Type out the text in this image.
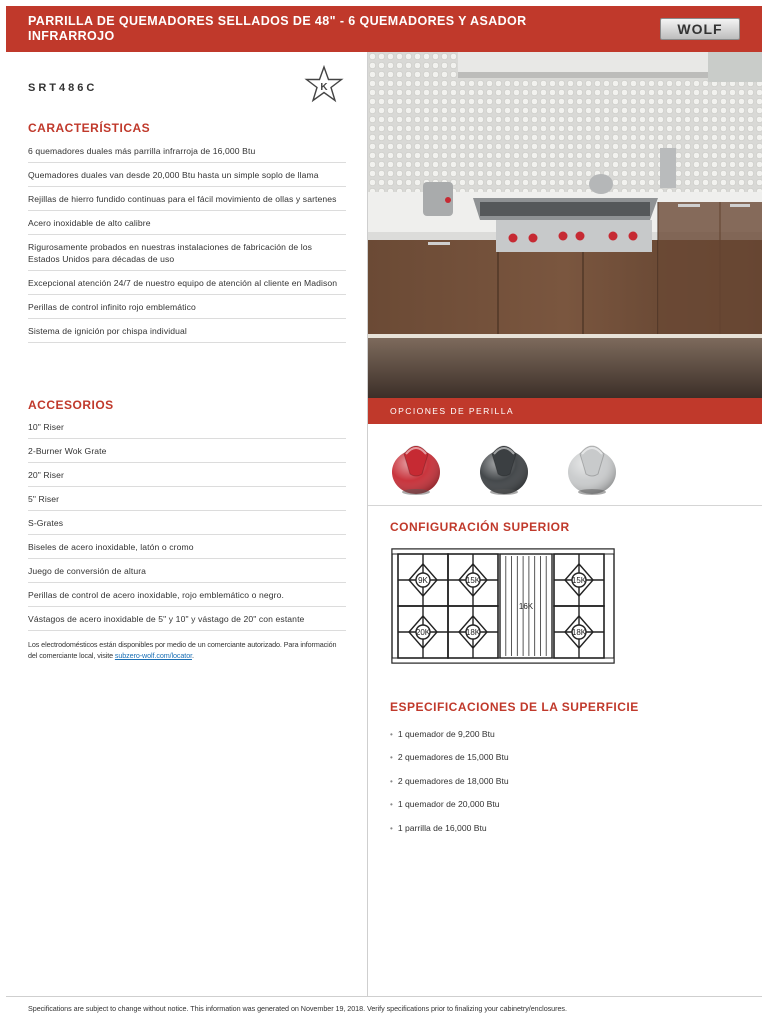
PARRILLA DE QUEMADORES SELLADOS DE 48" - 6 QUEMADORES Y ASADOR INFRARROJO	WOLF
SRT486C	K
CARACTERÍSTICAS
6 quemadores duales más parrilla infrarroja de 16,000 Btu
Quemadores duales van desde 20,000 Btu hasta un simple soplo de llama
Rejillas de hierro fundido continuas para el fácil movimiento de ollas y sartenes
Acero inoxidable de alto calibre
Rigurosamente probados en nuestras instalaciones de fabricación de los Estados Unidos para décadas de uso
Excepcional atención 24/7 de nuestro equipo de atención al cliente en Madison
Perillas de control infinito rojo emblemático
Sistema de ignición por chispa individual
ACCESORIOS
10" Riser
2-Burner Wok Grate
20" Riser
5" Riser
S-Grates
Biseles de acero inoxidable, latón o cromo
Juego de conversión de altura
Perillas de control de acero inoxidable, rojo emblemático o negro.
Vástagos de acero inoxidable de 5" y 10" y vástago de 20" con estante
Los electrodomésticos están disponibles por medio de un comerciante autorizado. Para información del comerciante local, visite subzero-wolf.com/locator.
OPCIONES DE PERILLA
CONFIGURACIÓN SUPERIOR
9K	15K	15K
20K	18K	18K
16K
ESPECIFICACIONES DE LA SUPERFICIE
• 1 quemador de 9,200 Btu
• 2 quemadores de 15,000 Btu
• 2 quemadores de 18,000 Btu
• 1 quemador de 20,000 Btu
• 1 parrilla de 16,000 Btu
Specifications are subject to change without notice. This information was generated on November 19, 2018. Verify specifications prior to finalizing your cabinetry/enclosures.
